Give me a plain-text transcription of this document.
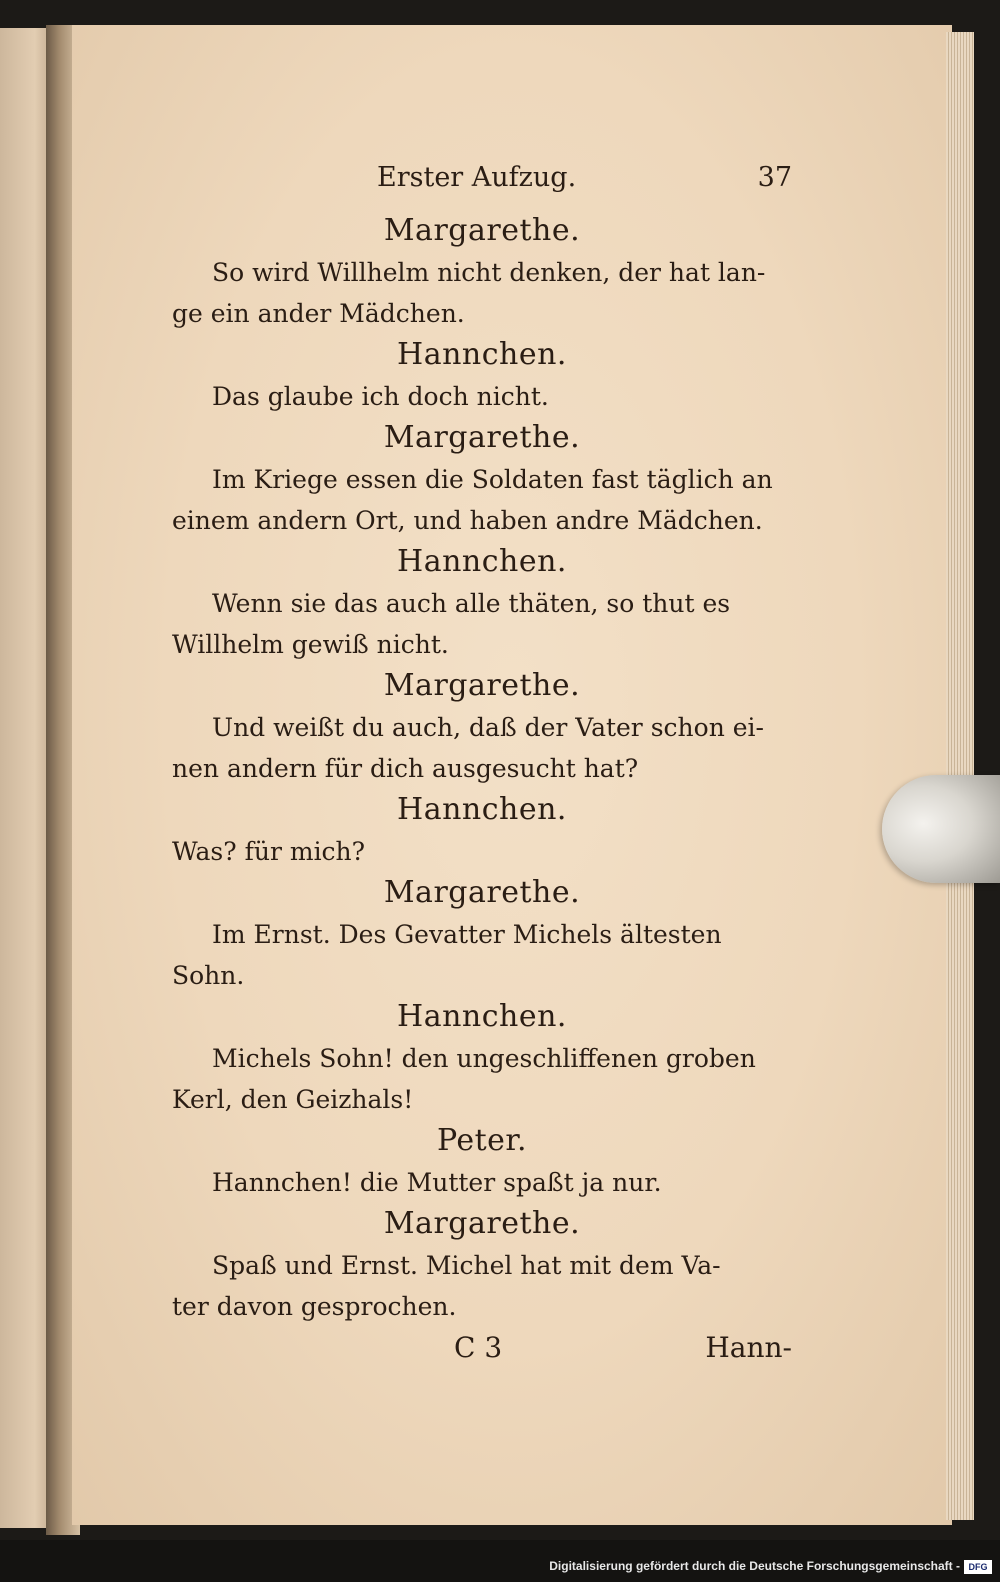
Erster Aufzug.	37
Margarethe.

So wird Willhelm nicht denken, der hat lan-

ge ein ander Mädchen.

Hannchen.

Das glaube ich doch nicht.

Margarethe.

Im Kriege essen die Soldaten fast täglich an

einem andern Ort, und haben andre Mädchen.

Hannchen.

Wenn sie das auch alle thäten, so thut es

Willhelm gewiß nicht.

Margarethe.

Und weißt du auch, daß der Vater schon ei-

nen andern für dich ausgesucht hat?

Hannchen.

Was? für mich?

Margarethe.

Im Ernst. Des Gevatter Michels ältesten

Sohn.

Hannchen.

Michels Sohn! den ungeschliffenen groben

Kerl, den Geizhals!

Peter.

Hannchen! die Mutter spaßt ja nur.

Margarethe.

Spaß und Ernst. Michel hat mit dem Va-

ter davon gesprochen.

C 3	Hann-
Digitalisierung gefördert durch die Deutsche Forschungsgemeinschaft - DFG
